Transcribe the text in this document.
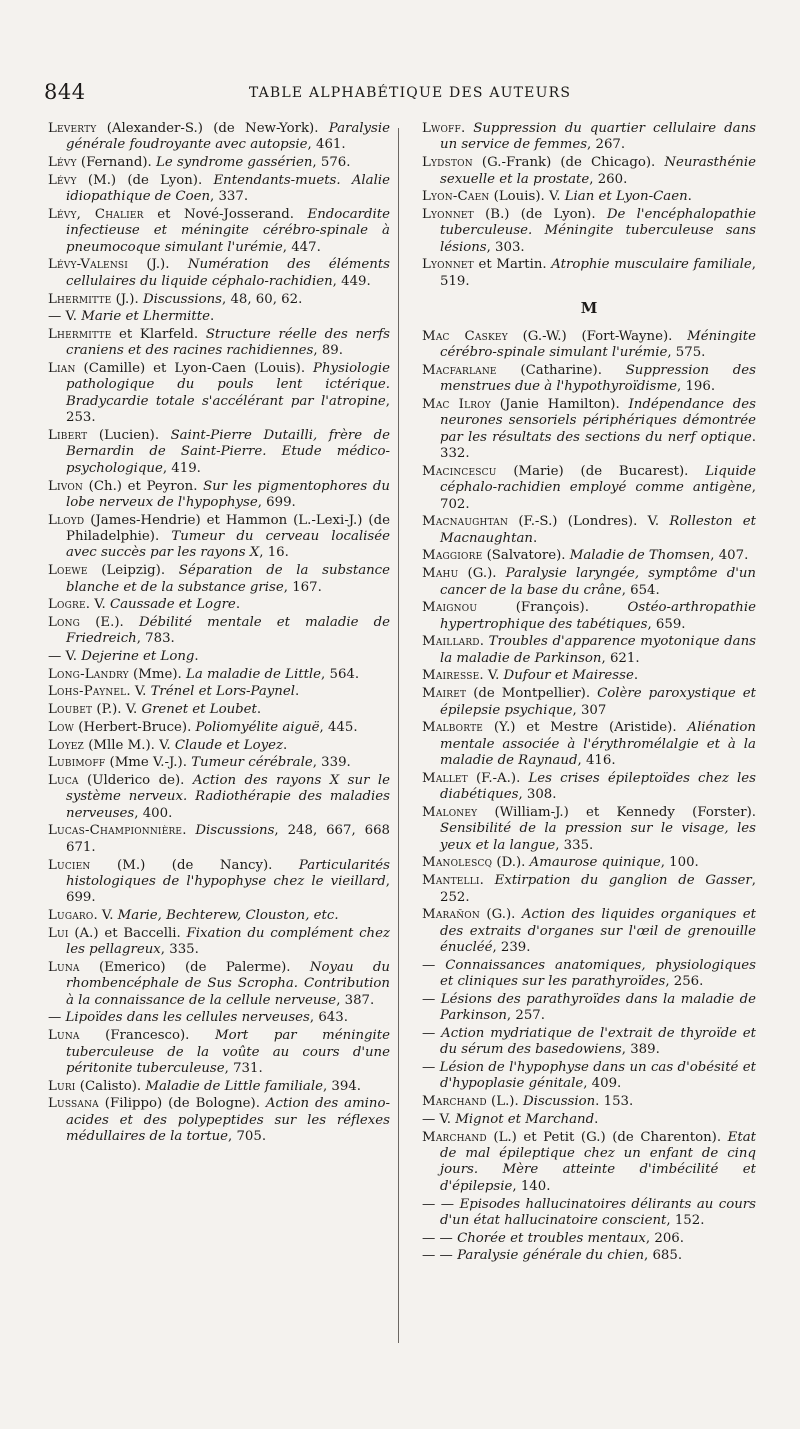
844	TABLE ALPHABÉTIQUE DES AUTEURS

Leverty (Alexander-S.) (de New-York). Paralysie générale foudroyante avec autopsie, 461.

Lévy (Fernand). Le syndrome gassérien, 576.

Lévy (M.) (de Lyon). Entendants-muets. Alalie idiopathique de Coen, 337.

Lévy, Chalier et Nové-Josserand. Endocardite infectieuse et méningite cérébro-spinale à pneumocoque simulant l'urémie, 447.

Lévy-Valensi (J.). Numération des éléments cellulaires du liquide céphalo-rachidien, 449.

Lhermitte (J.). Discussions, 48, 60, 62.

— V. Marie et Lhermitte.

Lhermitte et Klarfeld. Structure réelle des nerfs craniens et des racines rachidiennes, 89.

Lian (Camille) et Lyon-Caen (Louis). Physiologie pathologique du pouls lent ictérique. Bradycardie totale s'accélérant par l'atropine, 253.

Libert (Lucien). Saint-Pierre Dutailli, frère de Bernardin de Saint-Pierre. Etude médico-psychologique, 419.

Livon (Ch.) et Peyron. Sur les pigmentophores du lobe nerveux de l'hypophyse, 699.

Lloyd (James-Hendrie) et Hammon (L.-Lexi-J.) (de Philadelphie). Tumeur du cerveau localisée avec succès par les rayons X, 16.

Loewe (Leipzig). Séparation de la substance blanche et de la substance grise, 167.

Logre. V. Caussade et Logre.

Long (E.). Débilité mentale et maladie de Friedreich, 783.

— V. Dejerine et Long.

Long-Landry (Mme). La maladie de Little, 564.

Lohs-Paynel. V. Trénel et Lors-Paynel.

Loubet (P.). V. Grenet et Loubet.

Low (Herbert-Bruce). Poliomyélite aiguë, 445.

Loyez (Mlle M.). V. Claude et Loyez.

Lubimoff (Mme V.-J.). Tumeur cérébrale, 339.

Luca (Ulderico de). Action des rayons X sur le système nerveux. Radiothérapie des maladies nerveuses, 400.

Lucas-Championnière. Discussions, 248, 667, 668 671.

Lucien (M.) (de Nancy). Particularités histologiques de l'hypophyse chez le vieillard, 699.

Lugaro. V. Marie, Bechterew, Clouston, etc.

Lui (A.) et Baccelli. Fixation du complément chez les pellagreux, 335.

Luna (Emerico) (de Palerme). Noyau du rhombencéphale de Sus Scropha. Contribution à la connaissance de la cellule nerveuse, 387.

— Lipoïdes dans les cellules nerveuses, 643.

Luna (Francesco). Mort par méningite tuberculeuse de la voûte au cours d'une péritonite tuberculeuse, 731.

Luri (Calisto). Maladie de Little familiale, 394.

Lussana (Filippo) (de Bologne). Action des amino-acides et des polypeptides sur les réflexes médullaires de la tortue, 705.

Lwoff. Suppression du quartier cellulaire dans un service de femmes, 267.

Lydston (G.-Frank) (de Chicago). Neurasthénie sexuelle et la prostate, 260.

Lyon-Caen (Louis). V. Lian et Lyon-Caen.

Lyonnet (B.) (de Lyon). De l'encéphalopathie tuberculeuse. Méningite tuberculeuse sans lésions, 303.

Lyonnet et Martin. Atrophie musculaire familiale, 519.

M

Mac Caskey (G.-W.) (Fort-Wayne). Méningite cérébro-spinale simulant l'urémie, 575.

Macfarlane (Catharine). Suppression des menstrues due à l'hypothyroïdisme, 196.

Mac Ilroy (Janie Hamilton). Indépendance des neurones sensoriels périphériques démontrée par les résultats des sections du nerf optique. 332.

Macincescu (Marie) (de Bucarest). Liquide céphalo-rachidien employé comme antigène, 702.

Macnaughtan (F.-S.) (Londres). V. Rolleston et Macnaughtan.

Maggiore (Salvatore). Maladie de Thomsen, 407.

Mahu (G.). Paralysie laryngée, symptôme d'un cancer de la base du crâne, 654.

Maignou (François). Ostéo-arthropathie hypertrophique des tabétiques, 659.

Maillard. Troubles d'apparence myotonique dans la maladie de Parkinson, 621.

Mairesse. V. Dufour et Mairesse.

Mairet (de Montpellier). Colère paroxystique et épilepsie psychique, 307

Malborte (Y.) et Mestre (Aristide). Aliénation mentale associée à l'érythromélalgie et à la maladie de Raynaud, 416.

Mallet (F.-A.). Les crises épileptoïdes chez les diabétiques, 308.

Maloney (William-J.) et Kennedy (Forster). Sensibilité de la pression sur le visage, les yeux et la langue, 335.

Manolescq (D.). Amaurose quinique, 100.

Mantelli. Extirpation du ganglion de Gasser, 252.

Marañon (G.). Action des liquides organiques et des extraits d'organes sur l'œil de grenouille énucléé, 239.

— Connaissances anatomiques, physiologiques et cliniques sur les parathyroïdes, 256.

— Lésions des parathyroïdes dans la maladie de Parkinson, 257.

— Action mydriatique de l'extrait de thyroïde et du sérum des basedowiens, 389.

— Lésion de l'hypophyse dans un cas d'obésité et d'hypoplasie génitale, 409.

Marchand (L.). Discussion. 153.

— V. Mignot et Marchand.

Marchand (L.) et Petit (G.) (de Charenton). Etat de mal épileptique chez un enfant de cinq jours. Mère atteinte d'imbécilité et d'épilepsie, 140.

— — Episodes hallucinatoires délirants au cours d'un état hallucinatoire conscient, 152.

— — Chorée et troubles mentaux, 206.

— — Paralysie générale du chien, 685.
